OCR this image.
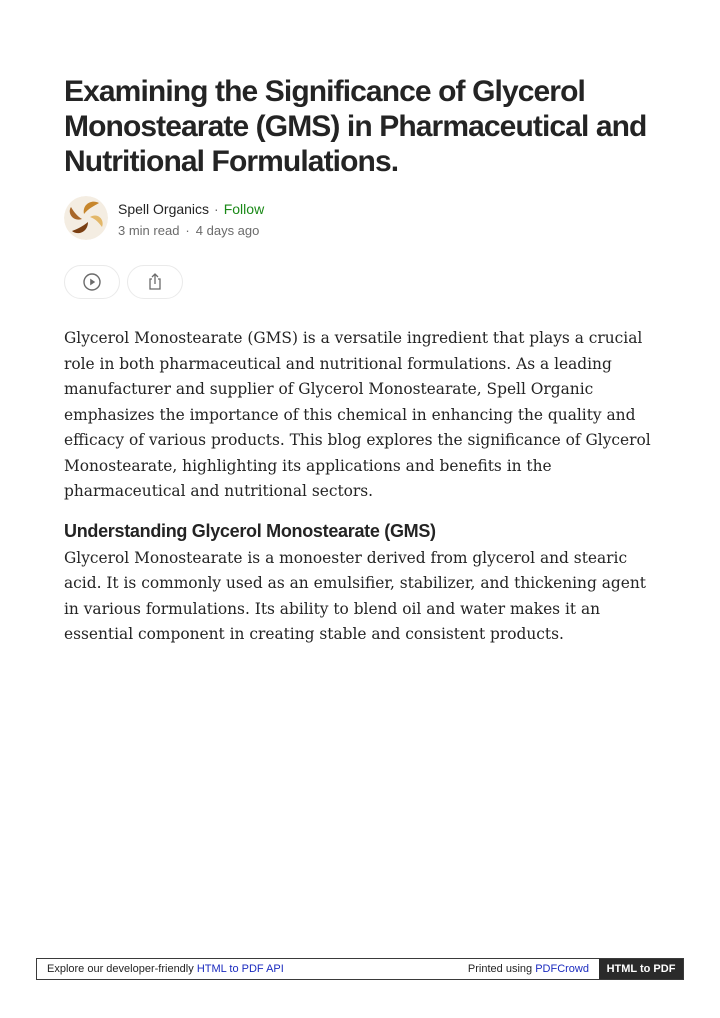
Examining the Significance of Glycerol Monostearate (GMS) in Pharmaceutical and Nutritional Formulations.
Spell Organics · Follow
3 min read · 4 days ago

Glycerol Monostearate (GMS) is a versatile ingredient that plays a crucial role in both pharmaceutical and nutritional formulations. As a leading manufacturer and supplier of Glycerol Monostearate, Spell Organic emphasizes the importance of this chemical in enhancing the quality and efficacy of various products. This blog explores the significance of Glycerol Monostearate, highlighting its applications and benefits in the pharmaceutical and nutritional sectors.

Understanding Glycerol Monostearate (GMS)

Glycerol Monostearate is a monoester derived from glycerol and stearic acid. It is commonly used as an emulsifier, stabilizer, and thickening agent in various formulations. Its ability to blend oil and water makes it an essential component in creating stable and consistent products.

Explore our developer-friendly HTML to PDF API	Printed using PDFCrowd	HTML to PDF
